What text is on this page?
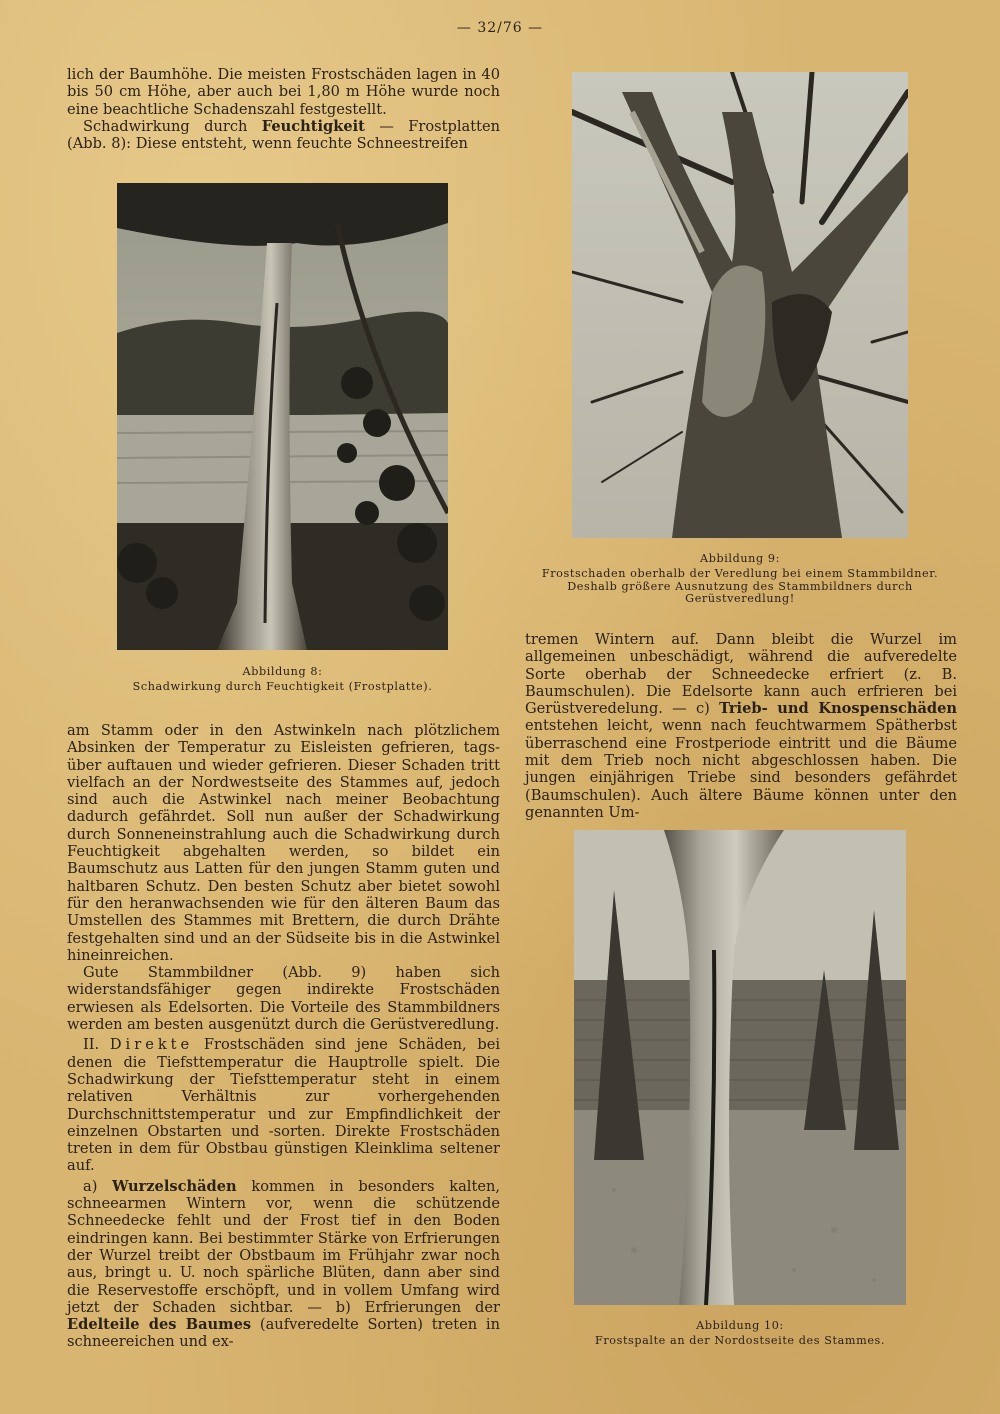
— 32/76 —

lich der Baumhöhe. Die meisten Frostschäden lagen in 40 bis 50 cm Höhe, aber auch bei 1,80 m Höhe wurde noch eine beachtliche Schadenszahl festgestellt.

Schadwirkung durch Feuchtigkeit — Frostplatten (Abb. 8): Diese entsteht, wenn feuchte Schneestreifen

Abbildung 8:
Schadwirkung durch Feuchtigkeit (Frostplatte).
Abbildung 9:
Frostschaden oberhalb der Veredlung bei einem Stammbildner. Deshalb größere Ausnutzung des Stammbildners durch Gerüstveredlung!

am Stamm oder in den Astwinkeln nach plötzlichem Absinken der Temperatur zu Eisleisten gefrieren, tags-über auftauen und wieder gefrieren. Dieser Schaden tritt vielfach an der Nordwestseite des Stammes auf, jedoch sind auch die Astwinkel nach meiner Beobachtung dadurch gefährdet. Soll nun außer der Schadwirkung durch Sonneneinstrahlung auch die Schadwirkung durch Feuchtigkeit abgehalten werden, so bildet ein Baumschutz aus Latten für den jungen Stamm guten und haltbaren Schutz. Den besten Schutz aber bietet sowohl für den heranwachsenden wie für den älteren Baum das Umstellen des Stammes mit Brettern, die durch Drähte festgehalten sind und an der Südseite bis in die Astwinkel hineinreichen.

Gute Stammbildner (Abb. 9) haben sich widerstandsfähiger gegen indirekte Frostschäden erwiesen als Edelsorten. Die Vorteile des Stammbildners werden am besten ausgenützt durch die Gerüstveredlung.

II. Direkte Frostschäden sind jene Schäden, bei denen die Tiefsttemperatur die Hauptrolle spielt. Die Schadwirkung der Tiefsttemperatur steht in einem relativen Verhältnis zur vorhergehenden Durchschnittstemperatur und zur Empfindlichkeit der einzelnen Obstarten und -sorten. Direkte Frostschäden treten in dem für Obstbau günstigen Kleinklima seltener auf.

a) Wurzelschäden kommen in besonders kalten, schneearmen Wintern vor, wenn die schützende Schneedecke fehlt und der Frost tief in den Boden eindringen kann. Bei bestimmter Stärke von Erfrierungen der Wurzel treibt der Obstbaum im Frühjahr zwar noch aus, bringt u. U. noch spärliche Blüten, dann aber sind die Reservestoffe erschöpft, und in vollem Umfang wird jetzt der Schaden sichtbar. — b) Erfrierungen der Edelteile des Baumes (aufveredelte Sorten) treten in schneereichen und ex-

tremen Wintern auf. Dann bleibt die Wurzel im allgemeinen unbeschädigt, während die aufveredelte Sorte oberhab der Schneedecke erfriert (z. B. Baumschulen). Die Edelsorte kann auch erfrieren bei Gerüstveredelung. — c) Trieb- und Knospenschäden entstehen leicht, wenn nach feuchtwarmem Spätherbst überraschend eine Frostperiode eintritt und die Bäume mit dem Trieb noch nicht abgeschlossen haben. Die jungen einjährigen Triebe sind besonders gefährdet (Baumschulen). Auch ältere Bäume können unter den genannten Um-

Abbildung 10:
Frostspalte an der Nordostseite des Stammes.
